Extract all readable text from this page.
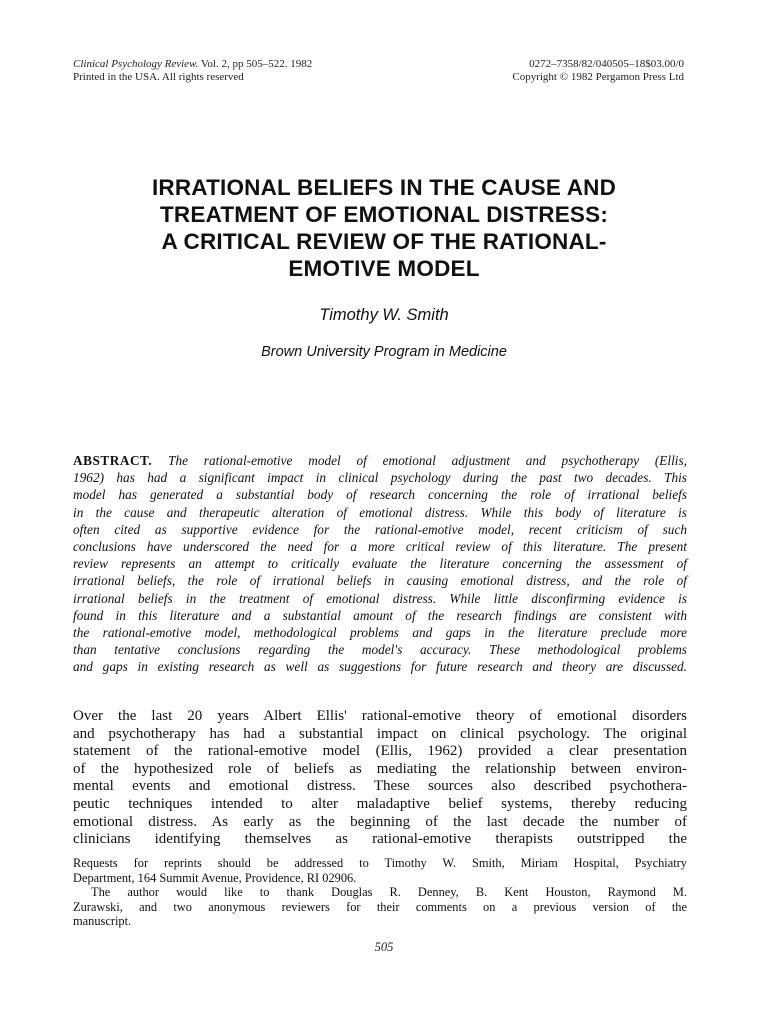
Clinical Psychology Review. Vol. 2, pp 505–522. 1982
Printed in the USA. All rights reserved
0272–7358/82/040505–18$03.00/0
Copyright © 1982 Pergamon Press Ltd
IRRATIONAL BELIEFS IN THE CAUSE AND
TREATMENT OF EMOTIONAL DISTRESS:
A CRITICAL REVIEW OF THE RATIONAL-
EMOTIVE MODEL
Timothy W. Smith
Brown University Program in Medicine
ABSTRACT. The rational-emotive model of emotional adjustment and psychotherapy (Ellis,
1962) has had a significant impact in clinical psychology during the past two decades. This
model has generated a substantial body of research concerning the role of irrational beliefs
in the cause and therapeutic alteration of emotional distress. While this body of literature is
often cited as supportive evidence for the rational-emotive model, recent criticism of such
conclusions have underscored the need for a more critical review of this literature. The present
review represents an attempt to critically evaluate the literature concerning the assessment of
irrational beliefs, the role of irrational beliefs in causing emotional distress, and the role of
irrational beliefs in the treatment of emotional distress. While little disconfirming evidence is
found in this literature and a substantial amount of the research findings are consistent with
the rational-emotive model, methodological problems and gaps in the literature preclude more
than tentative conclusions regarding the model's accuracy. These methodological problems
and gaps in existing research as well as suggestions for future research and theory are discussed.
Over the last 20 years Albert Ellis' rational-emotive theory of emotional disorders
and psychotherapy has had a substantial impact on clinical psychology. The original
statement of the rational-emotive model (Ellis, 1962) provided a clear presentation
of the hypothesized role of beliefs as mediating the relationship between environ-
mental events and emotional distress. These sources also described psychothera-
peutic techniques intended to alter maladaptive belief systems, thereby reducing
emotional distress. As early as the beginning of the last decade the number of
clinicians identifying themselves as rational-emotive therapists outstripped the
Requests for reprints should be addressed to Timothy W. Smith, Miriam Hospital, Psychiatry
Department, 164 Summit Avenue, Providence, RI 02906.
The author would like to thank Douglas R. Denney, B. Kent Houston, Raymond M.
Zurawski, and two anonymous reviewers for their comments on a previous version of the
manuscript.
505
